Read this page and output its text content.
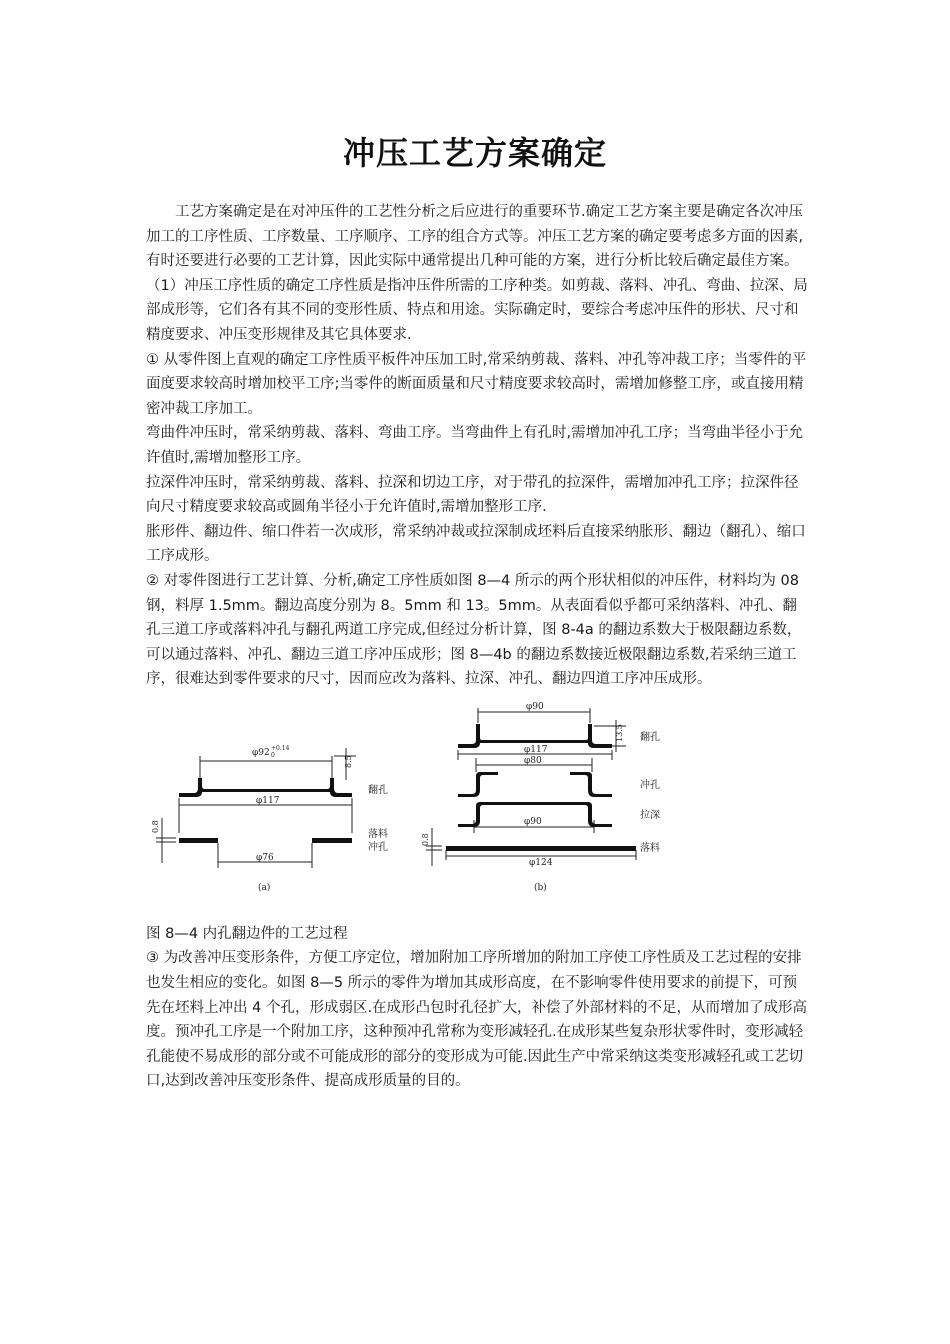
冲压工艺方案确定

工艺方案确定是在对冲压件的工艺性分析之后应进行的重要环节.确定工艺方案主要是确定各次冲压加工的工序性质、工序数量、工序顺序、工序的组合方式等。冲压工艺方案的确定要考虑多方面的因素,有时还要进行必要的工艺计算，因此实际中通常提出几种可能的方案，进行分析比较后确定最佳方案。

（1）冲压工序性质的确定工序性质是指冲压件所需的工序种类。如剪裁、落料、冲孔、弯曲、拉深、局部成形等，它们各有其不同的变形性质、特点和用途。实际确定时，要综合考虑冲压件的形状、尺寸和精度要求、冲压变形规律及其它具体要求.

① 从零件图上直观的确定工序性质平板件冲压加工时,常采纳剪裁、落料、冲孔等冲裁工序；当零件的平面度要求较高时增加校平工序;当零件的断面质量和尺寸精度要求较高时，需增加修整工序，或直接用精密冲裁工序加工。

弯曲件冲压时，常采纳剪裁、落料、弯曲工序。当弯曲件上有孔时,需增加冲孔工序；当弯曲半径小于允许值时,需增加整形工序。

拉深件冲压时，常采纳剪裁、落料、拉深和切边工序，对于带孔的拉深件，需增加冲孔工序；拉深件径向尺寸精度要求较高或圆角半径小于允许值时,需增加整形工序.

胀形件、翻边件、缩口件若一次成形，常采纳冲裁或拉深制成坯料后直接采纳胀形、翻边（翻孔）、缩口工序成形。

② 对零件图进行工艺计算、分析,确定工序性质如图 8—4 所示的两个形状相似的冲压件，材料均为 08 钢，料厚 1.5mm。翻边高度分别为 8。5mm 和 13。5mm。从表面看似乎都可采纳落料、冲孔、翻孔三道工序或落料冲孔与翻孔两道工序完成,但经过分析计算，图 8-4a 的翻边系数大于极限翻边系数，可以通过落料、冲孔、翻边三道工序冲压成形；图 8—4b 的翻边系数接近极限翻边系数,若采纳三道工序，很难达到零件要求的尺寸，因而应改为落料、拉深、冲孔、翻边四道工序冲压成形。

φ92 +0.14
0	8.5
φ117
φ76
0.8
翻孔
落料
冲孔
(a)
φ90
13.5
φ117
φ80
φ90
φ124
0.8
翻孔
冲孔
拉深
落料
(b)

图 8—4 内孔翻边件的工艺过程

③ 为改善冲压变形条件，方便工序定位，增加附加工序所增加的附加工序使工序性质及工艺过程的安排也发生相应的变化。如图 8—5 所示的零件为增加其成形高度，在不影响零件使用要求的前提下，可预先在坯料上冲出 4 个孔，形成弱区.在成形凸包时孔径扩大，补偿了外部材料的不足，从而增加了成形高度。预冲孔工序是一个附加工序，这种预冲孔常称为变形减轻孔.在成形某些复杂形状零件时，变形减轻孔能使不易成形的部分或不可能成形的部分的变形成为可能.因此生产中常采纳这类变形减轻孔或工艺切口,达到改善冲压变形条件、提高成形质量的目的。
